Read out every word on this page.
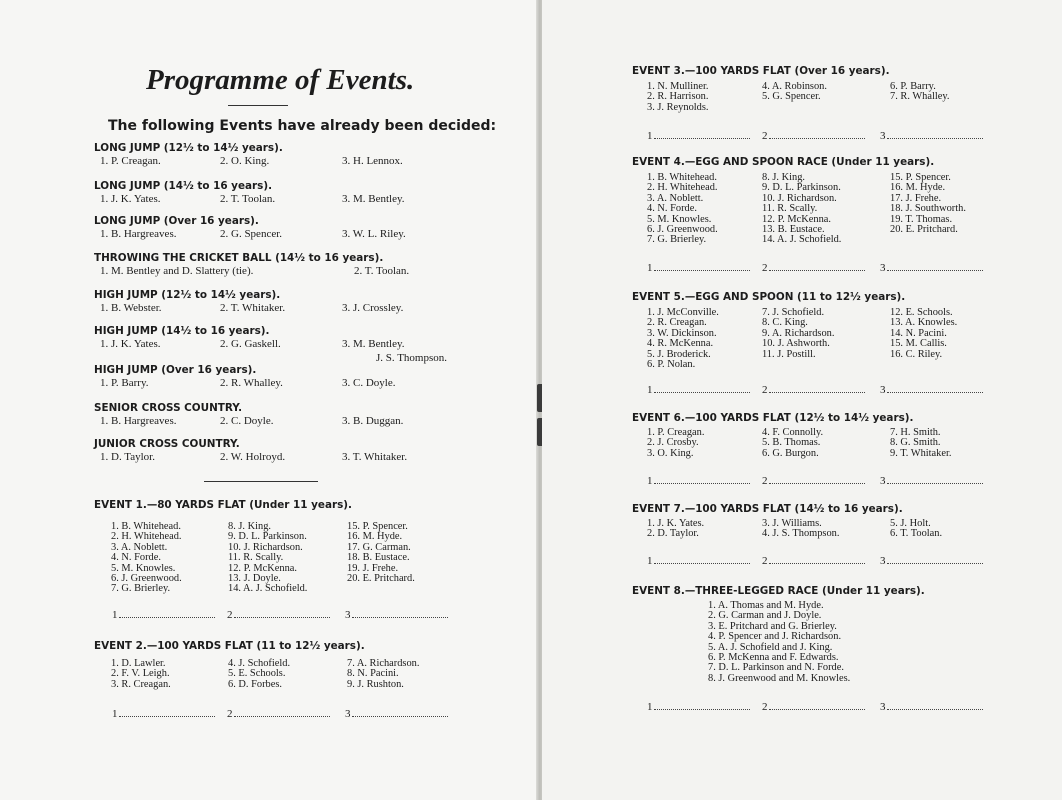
Programme of Events.
The following Events have already been decided:
LONG JUMP (12½ to 14½ years).
1. P. Creagan.	2. O. King.	3. H. Lennox.
LONG JUMP (14½ to 16 years).
1. J. K. Yates.	2. T. Toolan.	3. M. Bentley.
LONG JUMP (Over 16 years).
1. B. Hargreaves.	2. G. Spencer.	3. W. L. Riley.
THROWING THE CRICKET BALL (14½ to 16 years).
1. M. Bentley and D. Slattery (tie).	2. T. Toolan.
HIGH JUMP (12½ to 14½ years).
1. B. Webster.	2. T. Whitaker.	3. J. Crossley.
HIGH JUMP (14½ to 16 years).
1. J. K. Yates.	2. G. Gaskell.	3. M. Bentley.
J. S. Thompson.
HIGH JUMP (Over 16 years).
1. P. Barry.	2. R. Whalley.	3. C. Doyle.
SENIOR CROSS COUNTRY.
1. B. Hargreaves.	2. C. Doyle.	3. B. Duggan.
JUNIOR CROSS COUNTRY.
1. D. Taylor.	2. W. Holroyd.	3. T. Whitaker.
EVENT 1.—80 YARDS FLAT (Under 11 years).
1. B. Whitehead.
2. H. Whitehead.
3. A. Noblett.
4. N. Forde.
5. M. Knowles.
6. J. Greenwood.
7. G. Brierley.
8. J. King.
9. D. L. Parkinson.
10. J. Richardson.
11. R. Scally.
12. P. McKenna.
13. J. Doyle.
14. A. J. Schofield.
15. P. Spencer.
16. M. Hyde.
17. G. Carman.
18. B. Eustace.
19. J. Frehe.
20. E. Pritchard.
1	2	3
EVENT 2.—100 YARDS FLAT (11 to 12½ years).
1. D. Lawler.
2. F. V. Leigh.
3. R. Creagan.
4. J. Schofield.
5. E. Schools.
6. D. Forbes.
7. A. Richardson.
8. N. Pacini.
9. J. Rushton.
1	2	3
EVENT 3.—100 YARDS FLAT (Over 16 years).
1. N. Mulliner.
2. R. Harrison.
3. J. Reynolds.
4. A. Robinson.
5. G. Spencer.
6. P. Barry.
7. R. Whalley.
1	2	3
EVENT 4.—EGG AND SPOON RACE (Under 11 years).
1. B. Whitehead.
2. H. Whitehead.
3. A. Noblett.
4. N. Forde.
5. M. Knowles.
6. J. Greenwood.
7. G. Brierley.
8. J. King.
9. D. L. Parkinson.
10. J. Richardson.
11. R. Scally.
12. P. McKenna.
13. B. Eustace.
14. A. J. Schofield.
15. P. Spencer.
16. M. Hyde.
17. J. Frehe.
18. J. Southworth.
19. T. Thomas.
20. E. Pritchard.
1	2	3
EVENT 5.—EGG AND SPOON (11 to 12½ years).
1. J. McConville.
2. R. Creagan.
3. W. Dickinson.
4. R. McKenna.
5. J. Broderick.
6. P. Nolan.
7. J. Schofield.
8. C. King.
9. A. Richardson.
10. J. Ashworth.
11. J. Postill.
12. E. Schools.
13. A. Knowles.
14. N. Pacini.
15. M. Callis.
16. C. Riley.
1	2	3
EVENT 6.—100 YARDS FLAT (12½ to 14½ years).
1. P. Creagan.
2. J. Crosby.
3. O. King.
4. F. Connolly.
5. B. Thomas.
6. G. Burgon.
7. H. Smith.
8. G. Smith.
9. T. Whitaker.
1	2	3
EVENT 7.—100 YARDS FLAT (14½ to 16 years).
1. J. K. Yates.
2. D. Taylor.
3. J. Williams.
4. J. S. Thompson.
5. J. Holt.
6. T. Toolan.
1	2	3
EVENT 8.—THREE-LEGGED RACE (Under 11 years).
1. A. Thomas and M. Hyde.
2. G. Carman and J. Doyle.
3. E. Pritchard and G. Brierley.
4. P. Spencer and J. Richardson.
5. A. J. Schofield and J. King.
6. P. McKenna and F. Edwards.
7. D. L. Parkinson and N. Forde.
8. J. Greenwood and M. Knowles.
1	2	3
